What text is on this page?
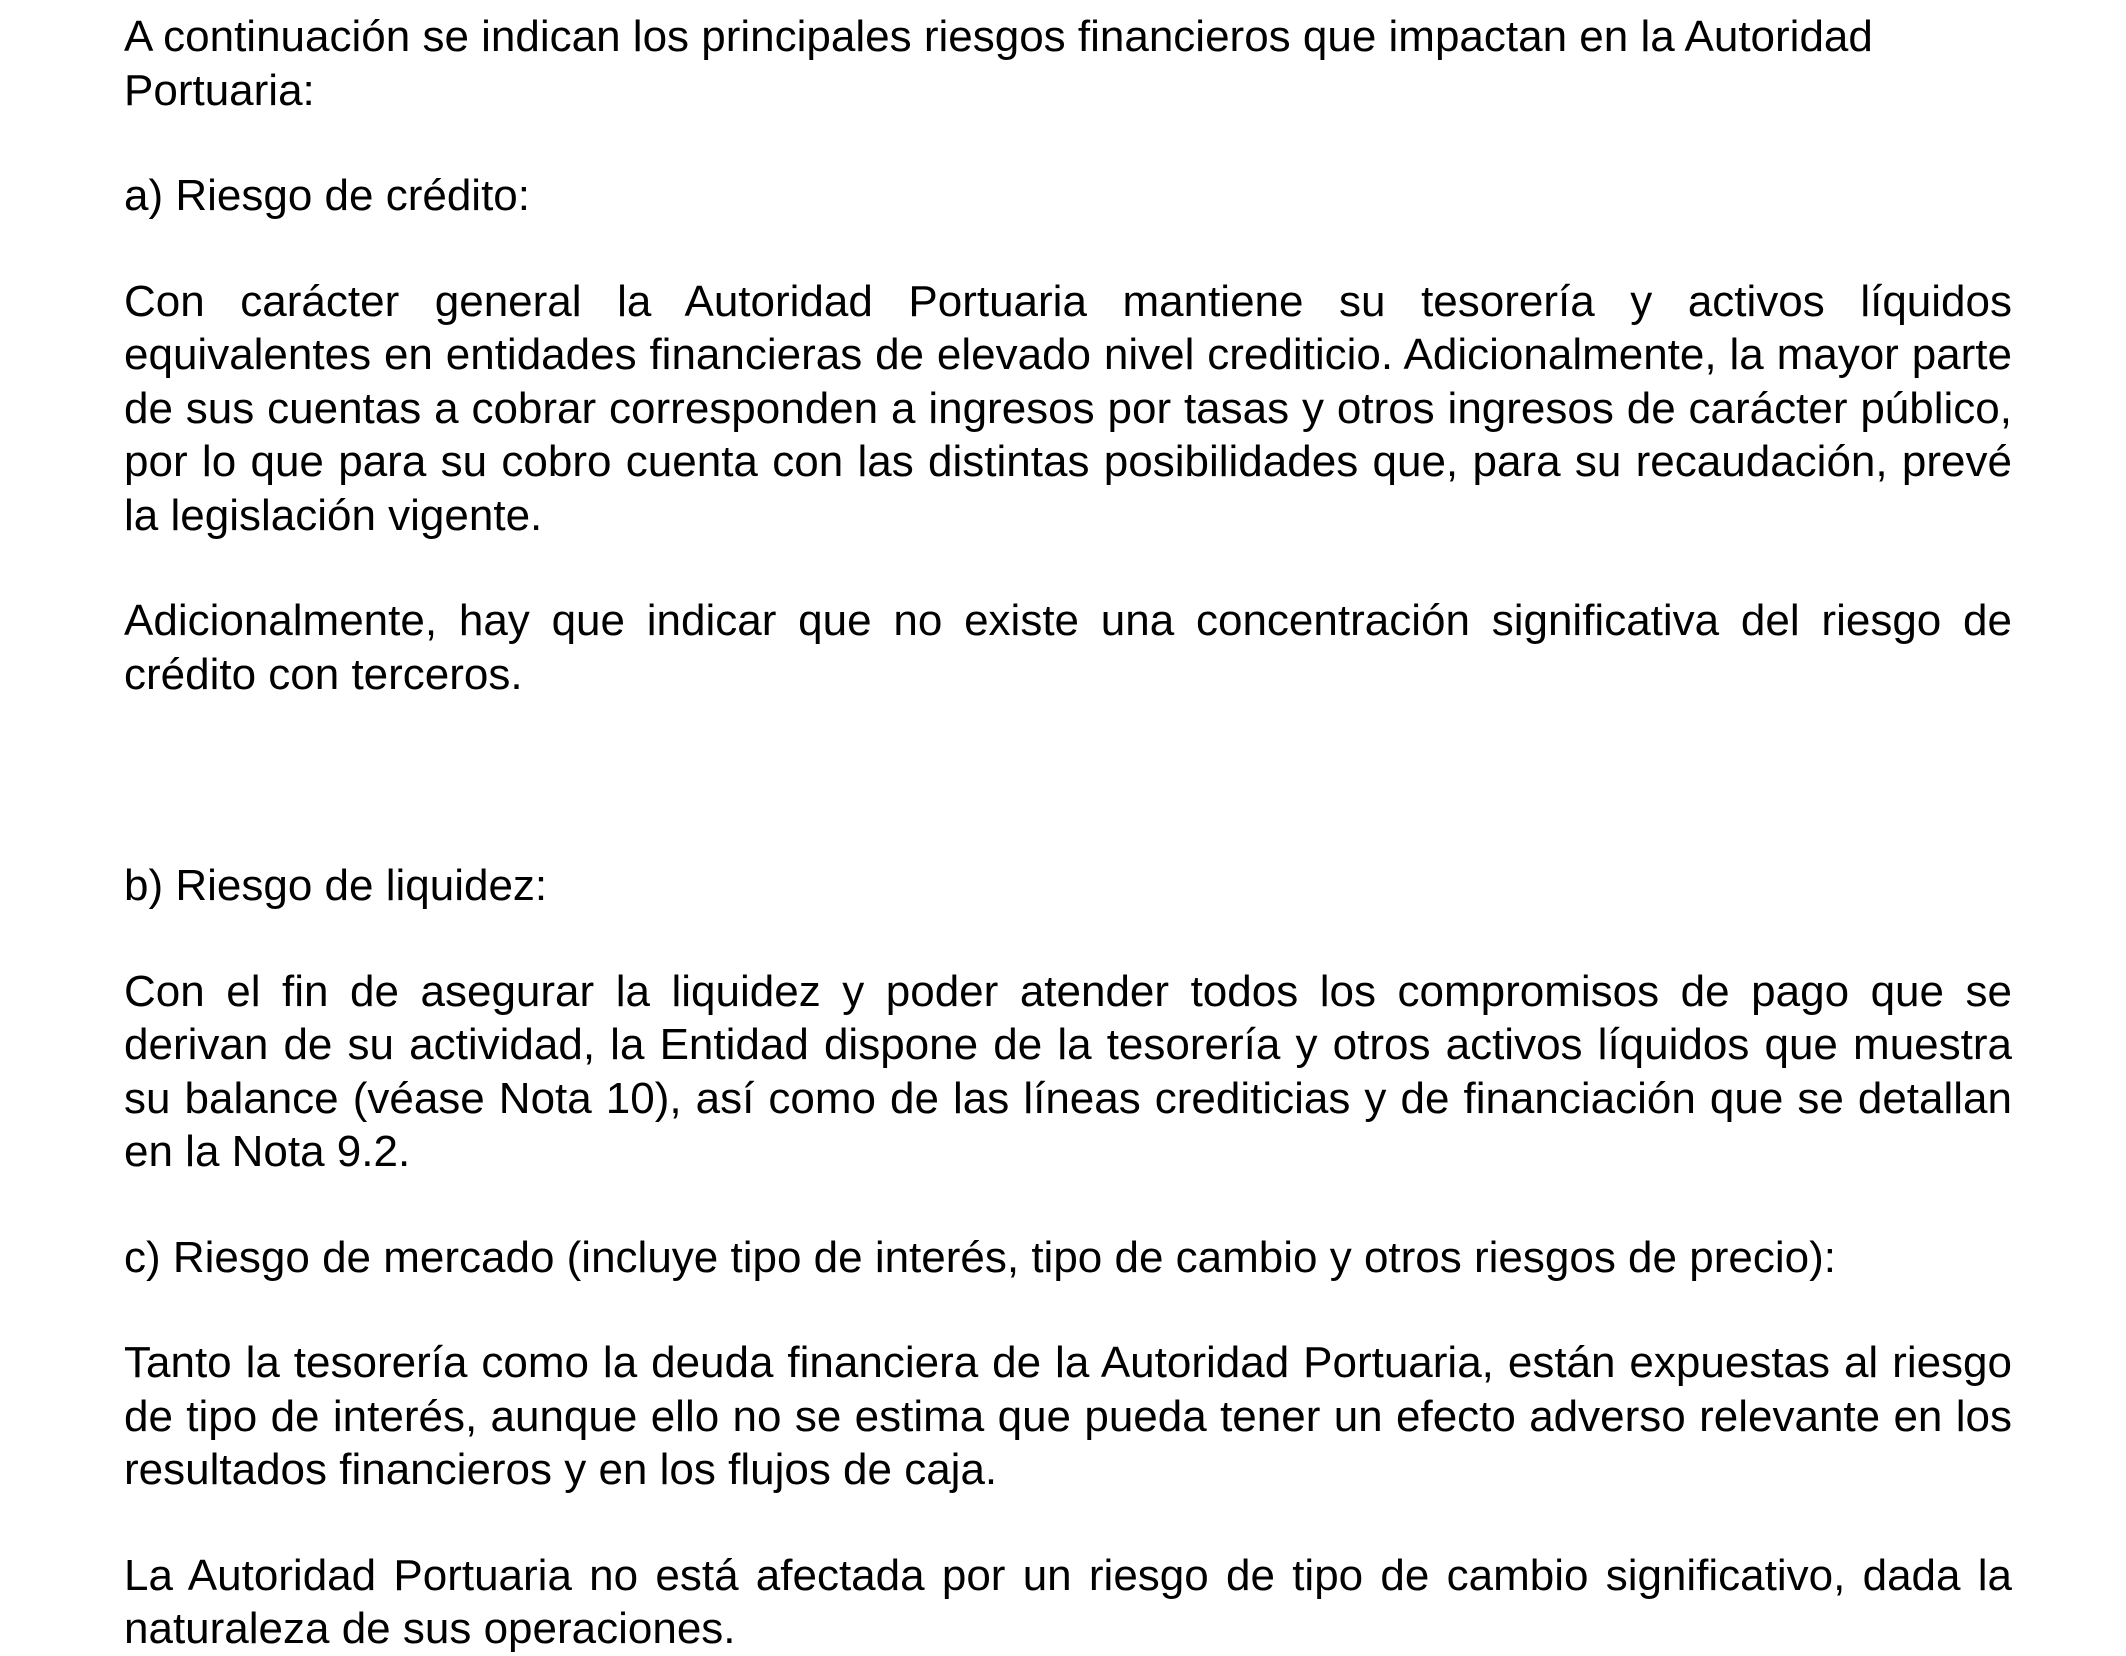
A continuación se indican los principales riesgos financieros que impactan en la Autoridad Portuaria:

a) Riesgo de crédito:

Con carácter general la Autoridad Portuaria mantiene su tesorería y activos líquidos equivalentes en entidades financieras de elevado nivel crediticio. Adicionalmente, la mayor parte de sus cuentas a cobrar corresponden a ingresos por tasas y otros ingresos de carácter público, por lo que para su cobro cuenta con las distintas posibilidades que, para su recaudación, prevé la legislación vigente.

Adicionalmente, hay que indicar que no existe una concentración significativa del riesgo de crédito con terceros.

b) Riesgo de liquidez:

Con el fin de asegurar la liquidez y poder atender todos los compromisos de pago que se derivan de su actividad, la Entidad dispone de la tesorería y otros activos líquidos que muestra su balance (véase Nota 10), así como de las líneas crediticias y de financiación que se detallan en la Nota 9.2.

c) Riesgo de mercado (incluye tipo de interés, tipo de cambio y otros riesgos de precio):

Tanto la tesorería como la deuda financiera de la Autoridad Portuaria, están expuestas al riesgo de tipo de interés, aunque ello no se estima que pueda tener un efecto adverso relevante en los resultados financieros y en los flujos de caja.

La Autoridad Portuaria no está afectada por un riesgo de tipo de cambio significativo, dada la naturaleza de sus operaciones.
